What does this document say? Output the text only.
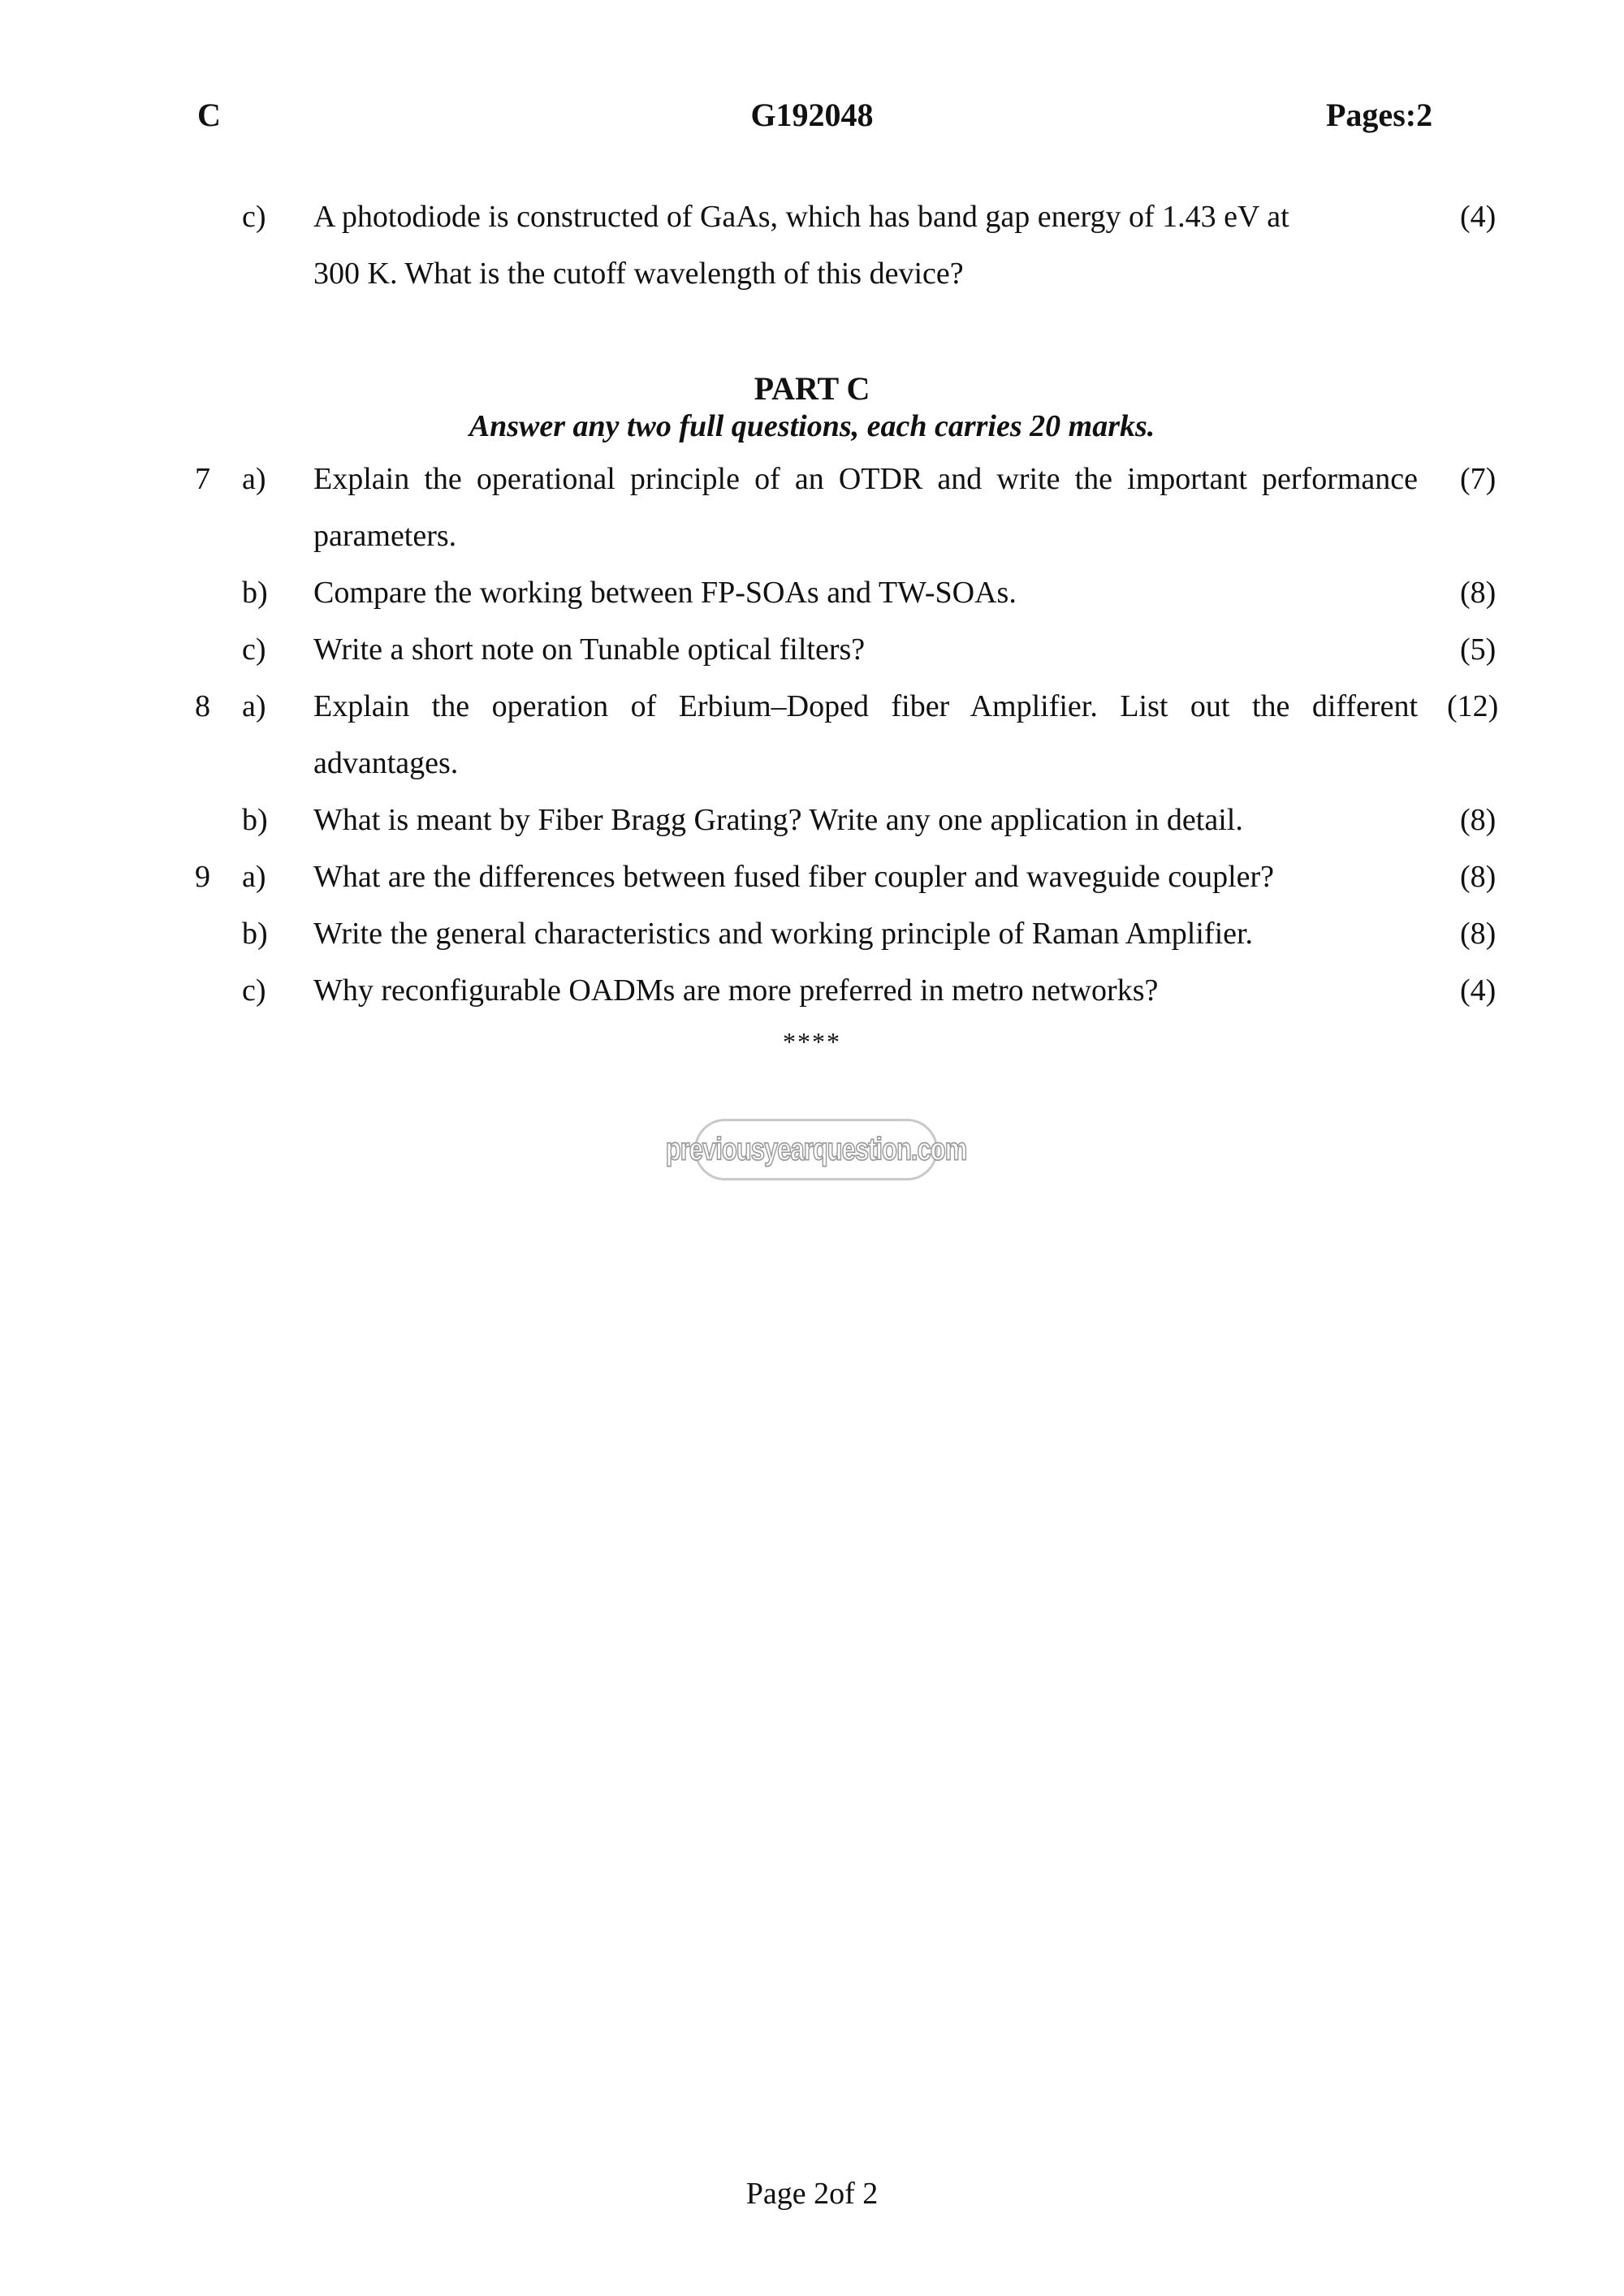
C	G192048	Pages:2
c) A photodiode is constructed of GaAs, which has band gap energy of 1.43 eV at	(4)
300 K. What is the cutoff wavelength of this device?
PART C
Answer any two full questions, each carries 20 marks.
7 a) Explain the operational principle of an OTDR and write the important performance (7)
parameters.
b) Compare the working between FP-SOAs and TW-SOAs.	(8)
c) Write a short note on Tunable optical filters?	(5)
8 a) Explain the operation of Erbium–Doped fiber Amplifier. List out the different (12)
advantages.
b) What is meant by Fiber Bragg Grating? Write any one application in detail.	(8)
9 a) What are the differences between fused fiber coupler and waveguide coupler?	(8)
b) Write the general characteristics and working principle of Raman Amplifier.	(8)
c) Why reconfigurable OADMs are more preferred in metro networks?	(4)
****
previousyearquestion.com
Page 2of 2
